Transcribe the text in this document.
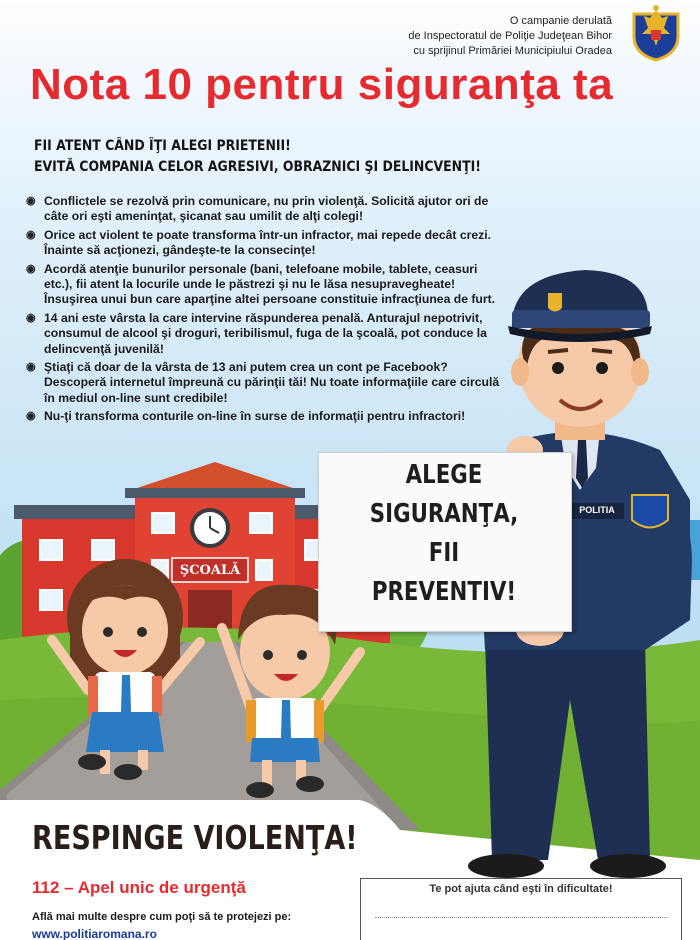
O campanie derulată
de Inspectoratul de Poliţie Judeţean Bihor
cu sprijinul Primăriei Municipiului Oradea
Nota 10 pentru siguranţa ta
FII ATENT CÂND ÎŢI ALEGI PRIETENII!
EVITĂ COMPANIA CELOR AGRESIVI, OBRAZNICI ŞI DELINCVENŢI!
◉ Conflictele se rezolvă prin comunicare, nu prin violenţă. Solicită ajutor ori de câte ori eşti ameninţat, şicanat sau umilit de alţi colegi!
◉ Orice act violent te poate transforma într-un infractor, mai repede decât crezi. Înainte să acţionezi, gândeşte-te la consecinţe!
◉ Acordă atenţie bunurilor personale (bani, telefoane mobile, tablete, ceasuri etc.), fii atent la locurile unde le păstrezi şi nu le lăsa nesupravegheate! Însuşirea unui bun care aparţine altei persoane constituie infracţiunea de furt.
◉ 14 ani este vârsta la care intervine răspunderea penală. Anturajul nepotrivit, consumul de alcool şi droguri, teribilismul, fuga de la şcoală, pot conduce la delincvenţă juvenilă!
◉ Ştiaţi că doar de la vârsta de 13 ani putem crea un cont pe Facebook? Descoperă internetul împreună cu părinţii tăi! Nu toate informaţiile care circulă în mediul on-line sunt credibile!
◉ Nu-ţi transforma conturile on-line în surse de informaţii pentru infractori!
ŞCOALĂ
POLITIA
ALEGE
SIGURANŢA,
FII
PREVENTIV!
RESPINGE VIOLENŢA!
112 – Apel unic de urgenţă
Află mai multe despre cum poţi să te protejezi pe:
www.politiaromana.ro
Te pot ajuta când eşti în dificultate!
